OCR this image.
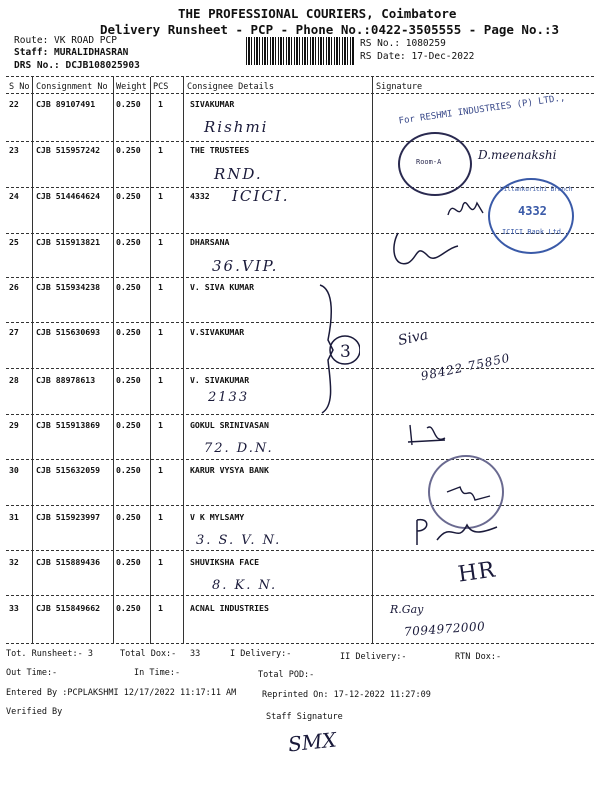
THE PROFESSIONAL COURIERS, Coimbatore
Delivery Runsheet - PCP - Phone No.:0422-3505555 - Page No.:3
Route: VK ROAD PCP
Staff: MURALIDHASRAN
DRS No.: DCJB108025903
RS No.: 1080259
RS Date: 17-Dec-2022
S No Consignment No Weight PCS Consignee Details	Signature
22 CJB 89107491	0.250 1	SIVAKUMAR
Rishmi
23 CJB 515957242 0.250 1	THE TRUSTEES
RND.
24 CJB 514464624 0.250 1	4332 ICICI.
25 CJB 515913821 0.250 1	DHARSANA
36.VIP.
26 CJB 515934238 0.250 1	V. SIVA KUMAR
27 CJB 515630693 0.250 1	V.SIVAKUMAR
28 CJB 88978613	0.250 1	V. SIVAKUMAR
2133
29 CJB 515913869 0.250 1	GOKUL SRINIVASAN
72. D.N.
30 CJB 515632059 0.250 1	KARUR VYSYA BANK
31 CJB 515923997 0.250 1	V K MYLSAMY
3. S. V. N.
32 CJB 515889436 0.250 1	SHUVIKSHA FACE
8. K. N.
33 CJB 515849662 0.250 1	ACNAL INDUSTRIES
3
For RESHMI INDUSTRIES (P) LTD.,
Room-A	D.meenakshi
Villankurichi Branch
4332
ICICI Bank Ltd.
Siva
98422 75850
HR
R.Gay
7094972000
Tot. Runsheet:- 3	Total Dox:- 33	I Delivery:-	II Delivery:-	RTN Dox:-
Out Time:-	In Time:-	Total POD:-
Entered By :PCPLAKSHMI 12/17/2022 11:17:11 AM	Reprinted On: 17-12-2022 11:27:09
Verified By	Staff Signature
SMX
